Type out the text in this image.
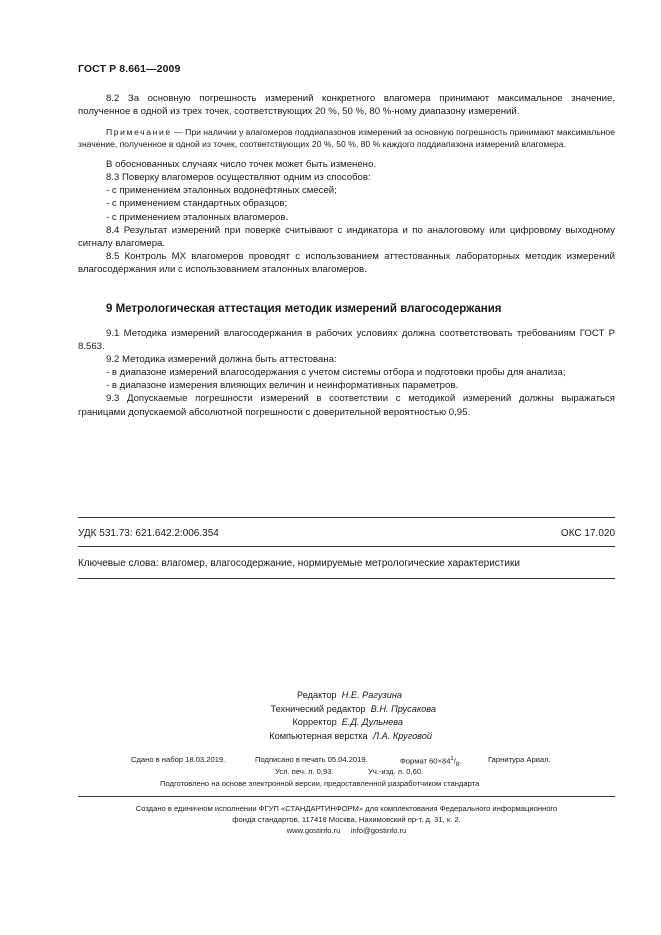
ГОСТ Р 8.661—2009

8.2 За основную погрешность измерений конкретного влагомера принимают максимальное значение, полученное в одной из трех точек, соответствующих 20 %, 50 %, 80 %-ному диапазону измерений.

Примечание — При наличии у влагомеров поддиапазонов измерений за основную погрешность принимают максимальное значение, полученное в одной из точек, соответствующих 20 %, 50 %, 80 % каждого поддиапазона измерений влагомера.

В обоснованных случаях число точек может быть изменено.

8.3 Поверку влагомеров осуществляют одним из способов:

- с применением эталонных водонефтяных смесей;

- с применением стандартных образцов;

- с применением эталонных влагомеров.

8.4 Результат измерений при поверке считывают с индикатора и по аналоговому или цифровому выходному сигналу влагомера.

8.5 Контроль МХ влагомеров проводят с использованием аттестованных лабораторных методик измерений влагосодержания или с использованием эталонных влагомеров.

9 Метрологическая аттестация методик измерений влагосодержания

9.1 Методика измерений влагосодержания в рабочих условиях должна соответствовать требованиям ГОСТ Р 8.563.

9.2 Методика измерений должна быть аттестована:

- в диапазоне измерений влагосодержания с учетом системы отбора и подготовки пробы для анализа;

- в диапазоне измерения влияющих величин и неинформативных параметров.

9.3 Допускаемые погрешности измерений в соответствии с методикой измерений должны выражаться границами допускаемой абсолютной погрешности с доверительной вероятностью 0,95.

УДК 531.73: 621.642.2:006.354	ОКС 17.020
Ключевые слова: влагомер, влагосодержание, нормируемые метрологические характеристики
Редактор Н.Е. Рагузина
Технический редактор В.Н. Прусакова
Корректор Е.Д. Дульнева
Компьютерная верстка Л.А. Круговой
Сдано в набор 18.03.2019.	Подписано в печать 05.04.2019.	Формат $60\times 84^1/_8$.	Гарнитура Ариал.
Усл. печ. л. 0,93.	Уч.-изд. л. 0,60.
Подготовлено на основе электронной версии, предоставленной разработчиком стандарта
Создано в единичном исполнении ФГУП «СТАНДАРТИНФОРМ» для комплектования Федерального информационного
фонда стандартов, 117418 Москва, Нахимовский пр-т, д. 31, к. 2.
www.gostinfo.ru info@gostinfo.ru
